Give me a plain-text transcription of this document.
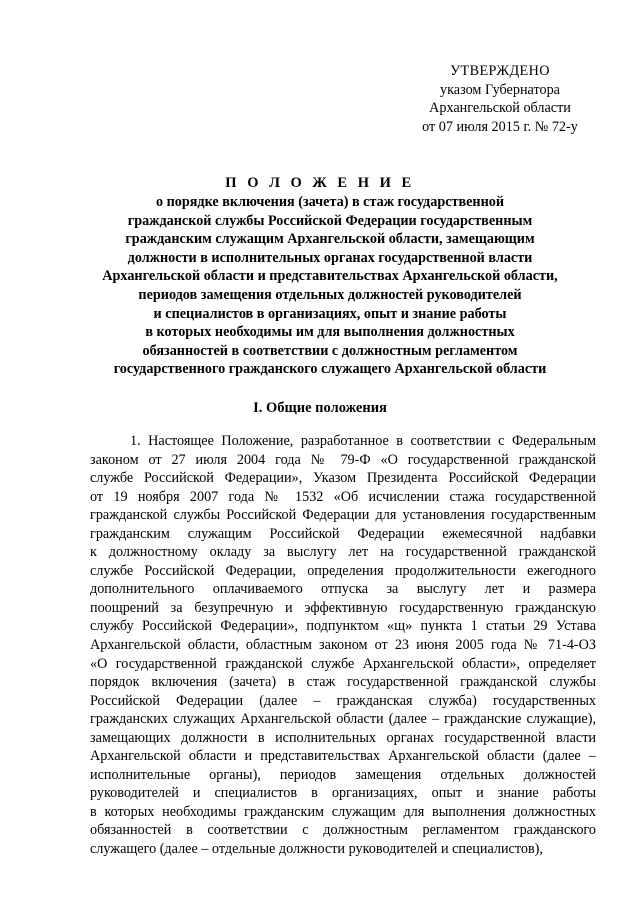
УТВЕРЖДЕНО
указом Губернатора
Архангельской области
от 07 июля 2015 г. № 72-у
П О Л О Ж Е Н И Е
о порядке включения (зачета) в стаж государственной
гражданской службы Российской Федерации государственным
гражданским служащим Архангельской области, замещающим
должности в исполнительных органах государственной власти
Архангельской области и представительствах Архангельской области,
периодов замещения отдельных должностей руководителей
и специалистов в организациях, опыт и знание работы
в которых необходимы им для выполнения должностных
обязанностей в соответствии с должностным регламентом
государственного гражданского служащего Архангельской области
I. Общие положения
1. Настоящее Положение, разработанное в соответствии с Федеральным
законом от 27 июля 2004 года № 79-Ф «О государственной гражданской
службе Российской Федерации», Указом Президента Российской Федерации
от 19 ноября 2007 года № 1532 «Об исчислении стажа государственной
гражданской службы Российской Федерации для установления государственным
гражданским служащим Российской Федерации ежемесячной надбавки
к должностному окладу за выслугу лет на государственной гражданской
службе Российской Федерации, определения продолжительности ежегодного
дополнительного оплачиваемого отпуска за выслугу лет и размера
поощрений за безупречную и эффективную государственную гражданскую
службу Российской Федерации», подпунктом «щ» пункта 1 статьи 29 Устава
Архангельской области, областным законом от 23 июня 2005 года № 71-4-ОЗ
«О государственной гражданской службе Архангельской области», определяет
порядок включения (зачета) в стаж государственной гражданской службы
Российской Федерации (далее – гражданская служба) государственных
гражданских служащих Архангельской области (далее – гражданские служащие),
замещающих должности в исполнительных органах государственной власти
Архангельской области и представительствах Архангельской области (далее –
исполнительные органы), периодов замещения отдельных должностей
руководителей и специалистов в организациях, опыт и знание работы
в которых необходимы гражданским служащим для выполнения должностных
обязанностей в соответствии с должностным регламентом гражданского
служащего (далее – отдельные должности руководителей и специалистов),
